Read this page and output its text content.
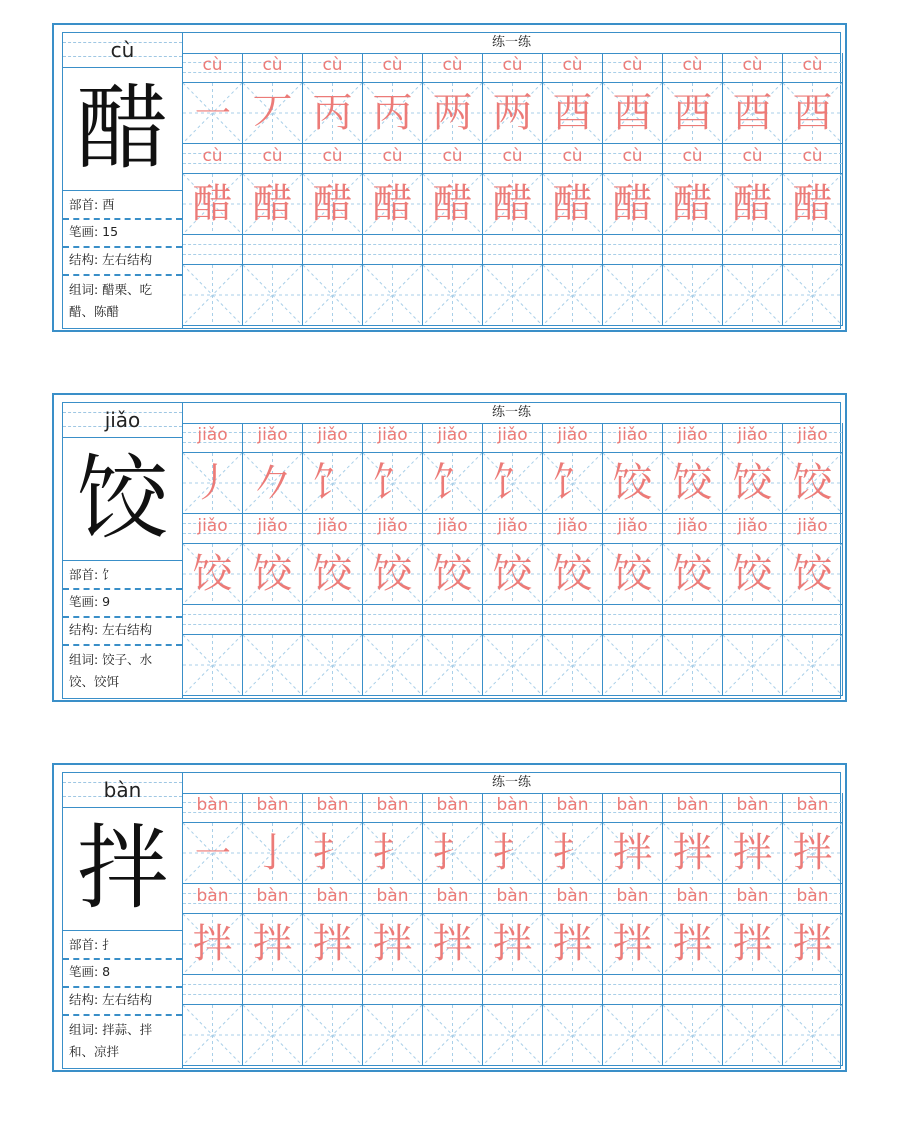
cù
醋
部首: 酉
笔画: 15
结构: 左右结构
组词: 醋栗、吃醋、陈醋
练一练
cù
㇐
cù
醋
cù
丆
cù
醋
cù
丙
cù
醋
cù
丙
cù
醋
cù
两
cù
醋
cù
两
cù
醋
cù
酉
cù
醋
cù
酉
cù
醋
cù
酉
cù
醋
cù
酉
cù
醋
cù
酉
cù
醋
jiǎo
饺
部首: 饣
笔画: 9
结构: 左右结构
组词: 饺子、水饺、饺饵
练一练
jiǎo
丿
jiǎo
饺
jiǎo
𠂊
jiǎo
饺
jiǎo
饣
jiǎo
饺
jiǎo
饣
jiǎo
饺
jiǎo
饣
jiǎo
饺
jiǎo
饣
jiǎo
饺
jiǎo
饣
jiǎo
饺
jiǎo
饺
jiǎo
饺
jiǎo
饺
jiǎo
饺
jiǎo
饺
jiǎo
饺
jiǎo
饺
jiǎo
饺
bàn
拌
部首: 扌
笔画: 8
结构: 左右结构
组词: 拌蒜、拌和、凉拌
练一练
bàn
㇐
bàn
拌
bàn
亅
bàn
拌
bàn
扌
bàn
拌
bàn
扌
bàn
拌
bàn
扌
bàn
拌
bàn
扌
bàn
拌
bàn
扌
bàn
拌
bàn
拌
bàn
拌
bàn
拌
bàn
拌
bàn
拌
bàn
拌
bàn
拌
bàn
拌
